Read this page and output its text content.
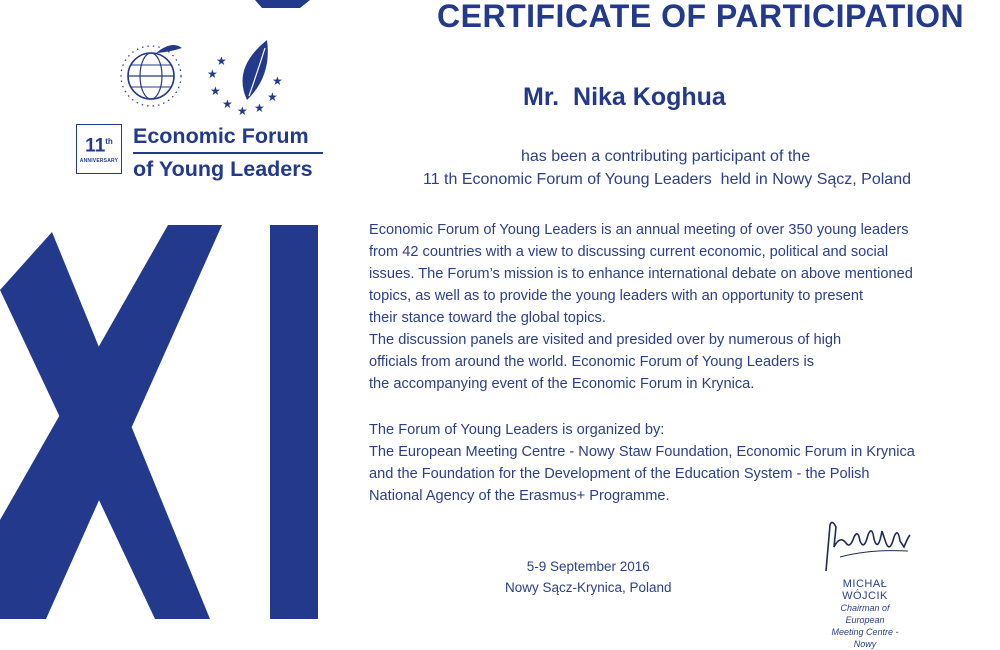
★
★
★ ★ ★
★
★
★
11th
ANNIVERSARY
Economic Forum
of Young Leaders
CERTIFICATE OF PARTICIPATION
Mr.  Nika Koghua
has been a contributing participant of the
11 th Economic Forum of Young Leaders  held in Nowy Sącz, Poland
Economic Forum of Young Leaders is an annual meeting of over 350 young leaders
from 42 countries with a view to discussing current economic, political and social
issues. The Forum’s mission is to enhance international debate on above mentioned
topics, as well as to provide the young leaders with an opportunity to present
their stance toward the global topics.
The discussion panels are visited and presided over by numerous of high
officials from around the world. Economic Forum of Young Leaders is
the accompanying event of the Economic Forum in Krynica.
The Forum of Young Leaders is organized by:
The European Meeting Centre - Nowy Staw Foundation, Economic Forum in Krynica
and the Foundation for the Development of the Education System - the Polish
National Agency of the Erasmus+ Programme.
5-9 September 2016
Nowy Sącz-Krynica, Poland	MICHAŁ WÓJCIK
Chairman of European
Meeting Centre - Nowy
